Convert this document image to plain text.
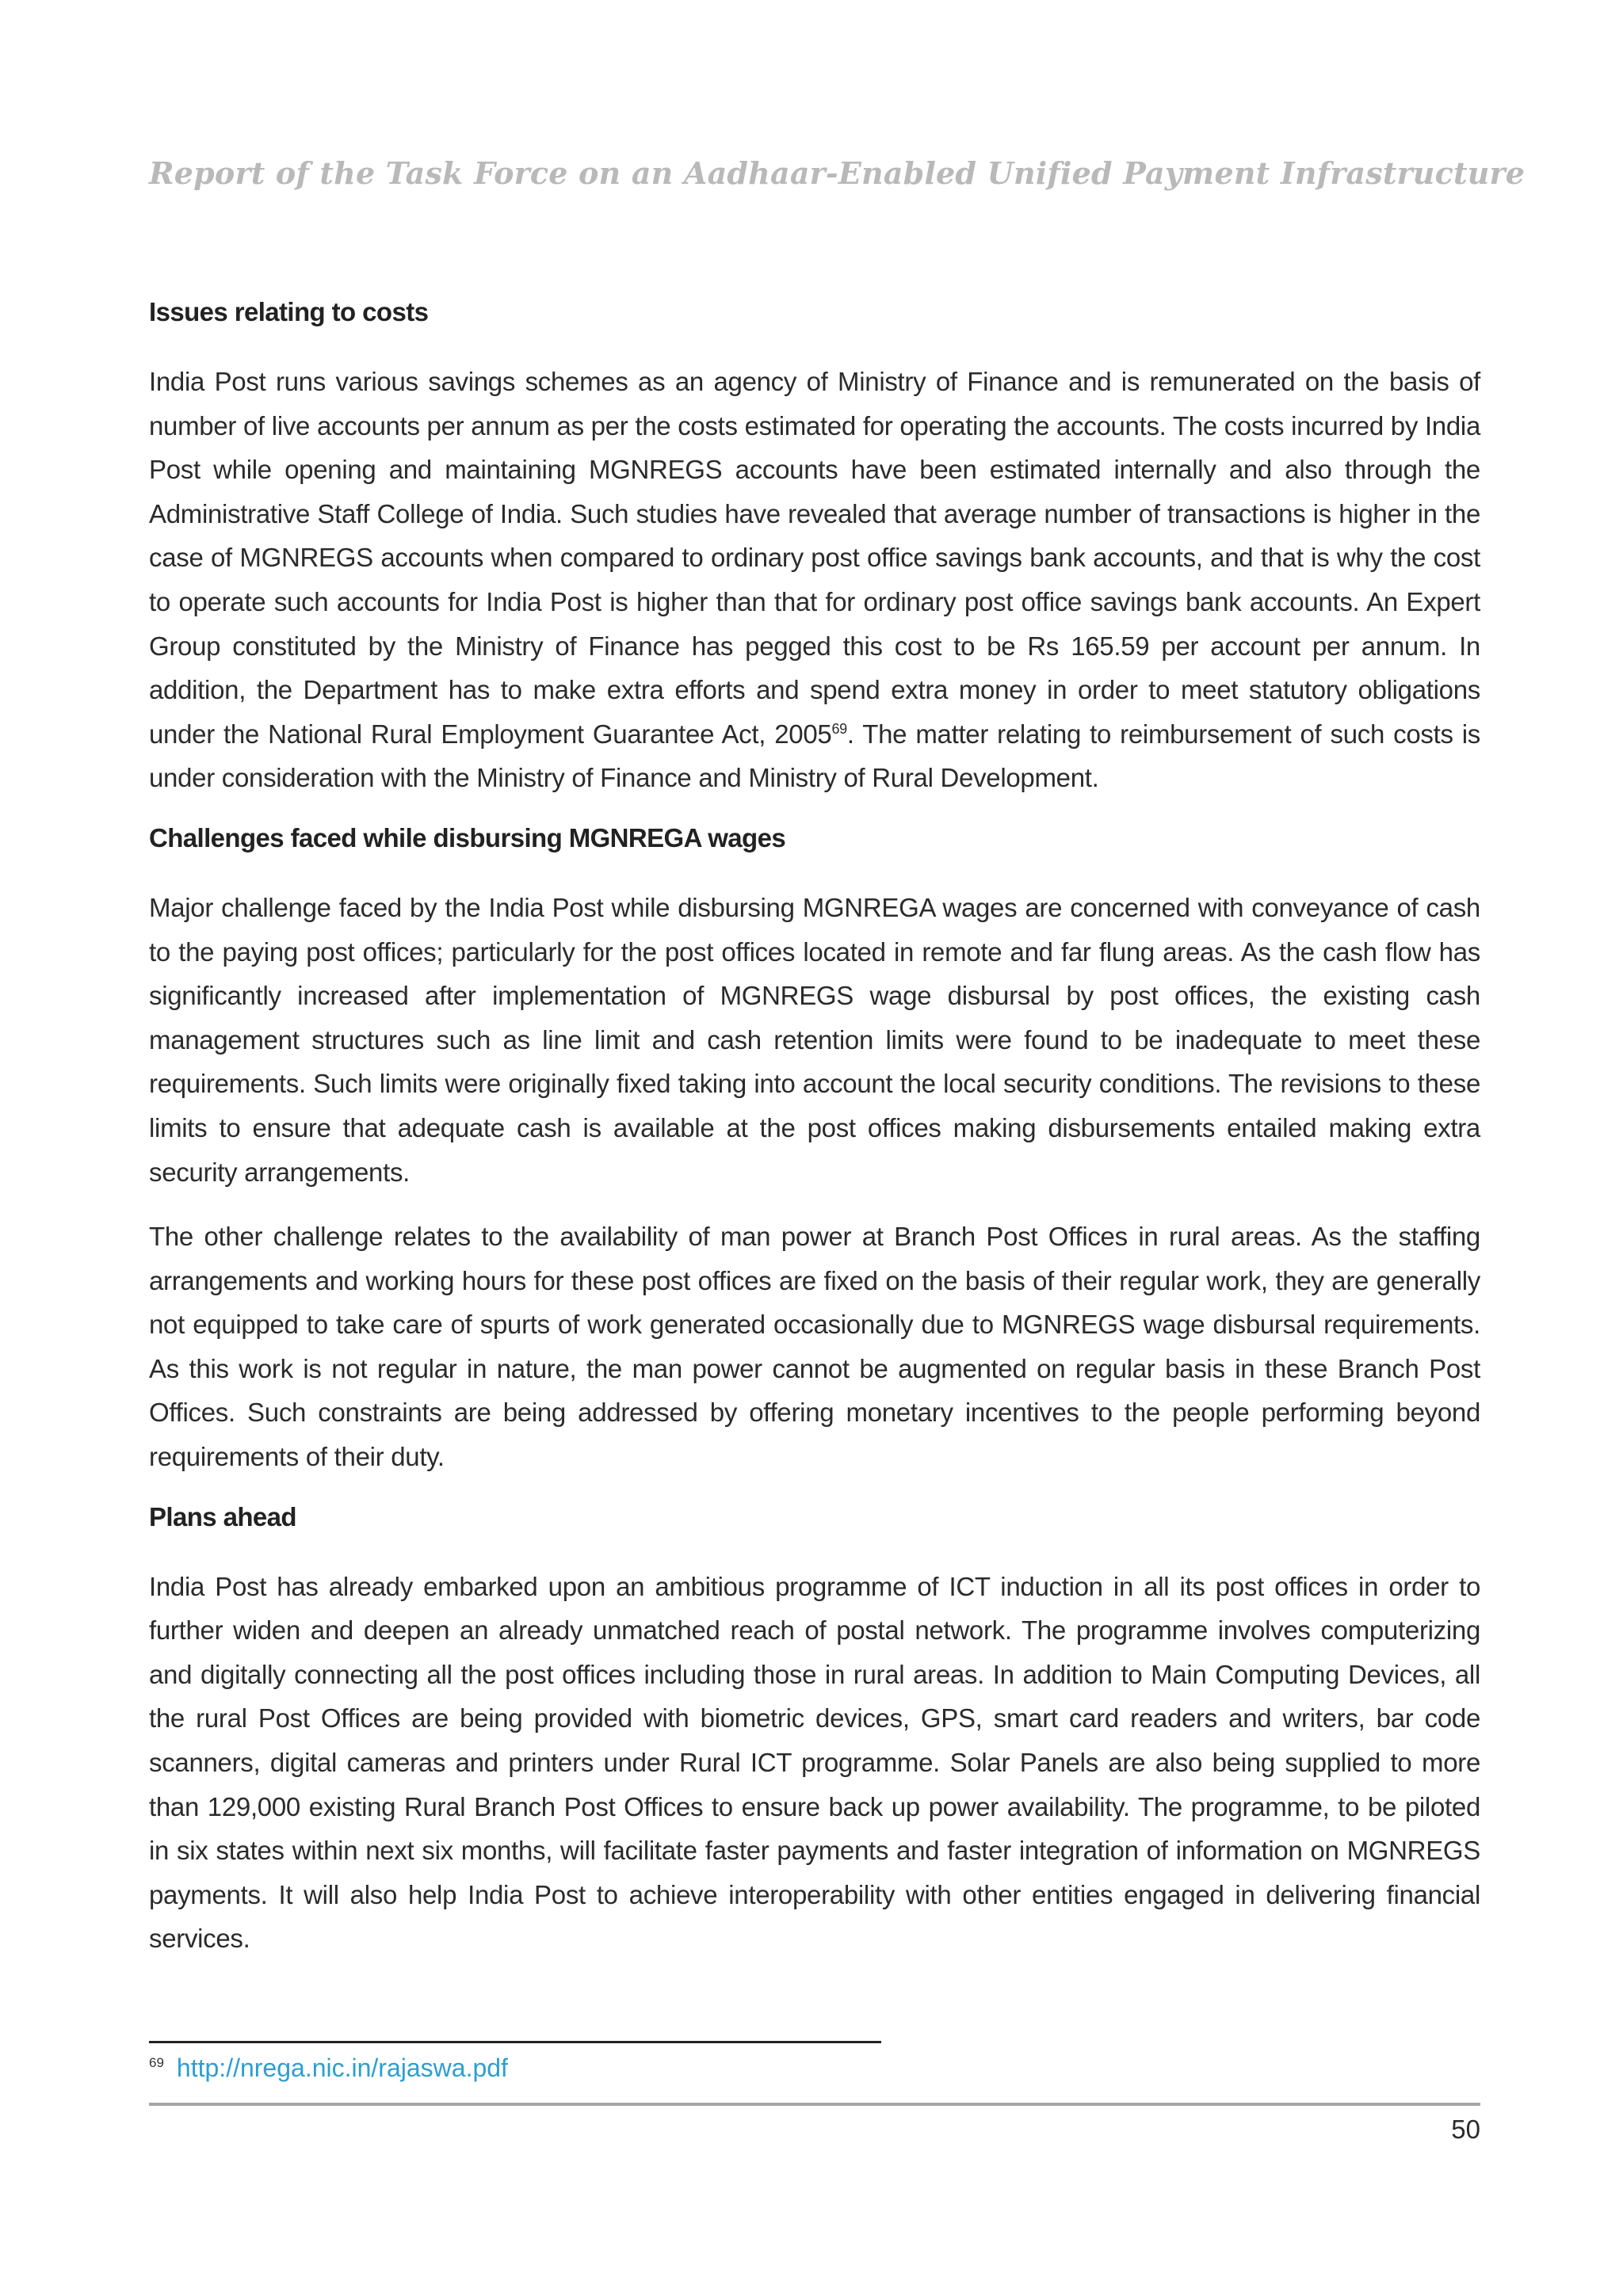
Report of the Task Force on an Aadhaar-Enabled Unified Payment Infrastructure
Issues relating to costs

India Post runs various savings schemes as an agency of Ministry of Finance and is remunerated on the basis of number of live accounts per annum as per the costs estimated for operating the accounts. The costs incurred by India Post while opening and maintaining MGNREGS accounts have been estimated internally and also through the Administrative Staff College of India. Such studies have revealed that average number of transactions is higher in the case of MGNREGS accounts when compared to ordinary post office savings bank accounts, and that is why the cost to operate such accounts for India Post is higher than that for ordinary post office savings bank accounts. An Expert Group constituted by the Ministry of Finance has pegged this cost to be Rs 165.59 per account per annum. In addition, the Department has to make extra efforts and spend extra money in order to meet statutory obligations under the National Rural Employment Guarantee Act, 2005$^{69}$. The matter relating to reimbursement of such costs is under consideration with the Ministry of Finance and Ministry of Rural Development.

Challenges faced while disbursing MGNREGA wages

Major challenge faced by the India Post while disbursing MGNREGA wages are concerned with conveyance of cash to the paying post offices; particularly for the post offices located in remote and far flung areas. As the cash flow has significantly increased after implementation of MGNREGS wage disbursal by post offices, the existing cash management structures such as line limit and cash retention limits were found to be inadequate to meet these requirements. Such limits were originally fixed taking into account the local security conditions. The revisions to these limits to ensure that adequate cash is available at the post offices making disbursements entailed making extra security arrangements.

The other challenge relates to the availability of man power at Branch Post Offices in rural areas. As the staffing arrangements and working hours for these post offices are fixed on the basis of their regular work, they are generally not equipped to take care of spurts of work generated occasionally due to MGNREGS wage disbursal requirements. As this work is not regular in nature, the man power cannot be augmented on regular basis in these Branch Post Offices. Such constraints are being addressed by offering monetary incentives to the people performing beyond requirements of their duty.

Plans ahead

India Post has already embarked upon an ambitious programme of ICT induction in all its post offices in order to further widen and deepen an already unmatched reach of postal network. The programme involves computerizing and digitally connecting all the post offices including those in rural areas. In addition to Main Computing Devices, all the rural Post Offices are being provided with biometric devices, GPS, smart card readers and writers, bar code scanners, digital cameras and printers under Rural ICT programme. Solar Panels are also being supplied to more than 129,000 existing Rural Branch Post Offices to ensure back up power availability. The programme, to be piloted in six states within next six months, will facilitate faster payments and faster integration of information on MGNREGS payments. It will also help India Post to achieve interoperability with other entities engaged in delivering financial services.

$^{69}$ http://nrega.nic.in/rajaswa.pdf
50
